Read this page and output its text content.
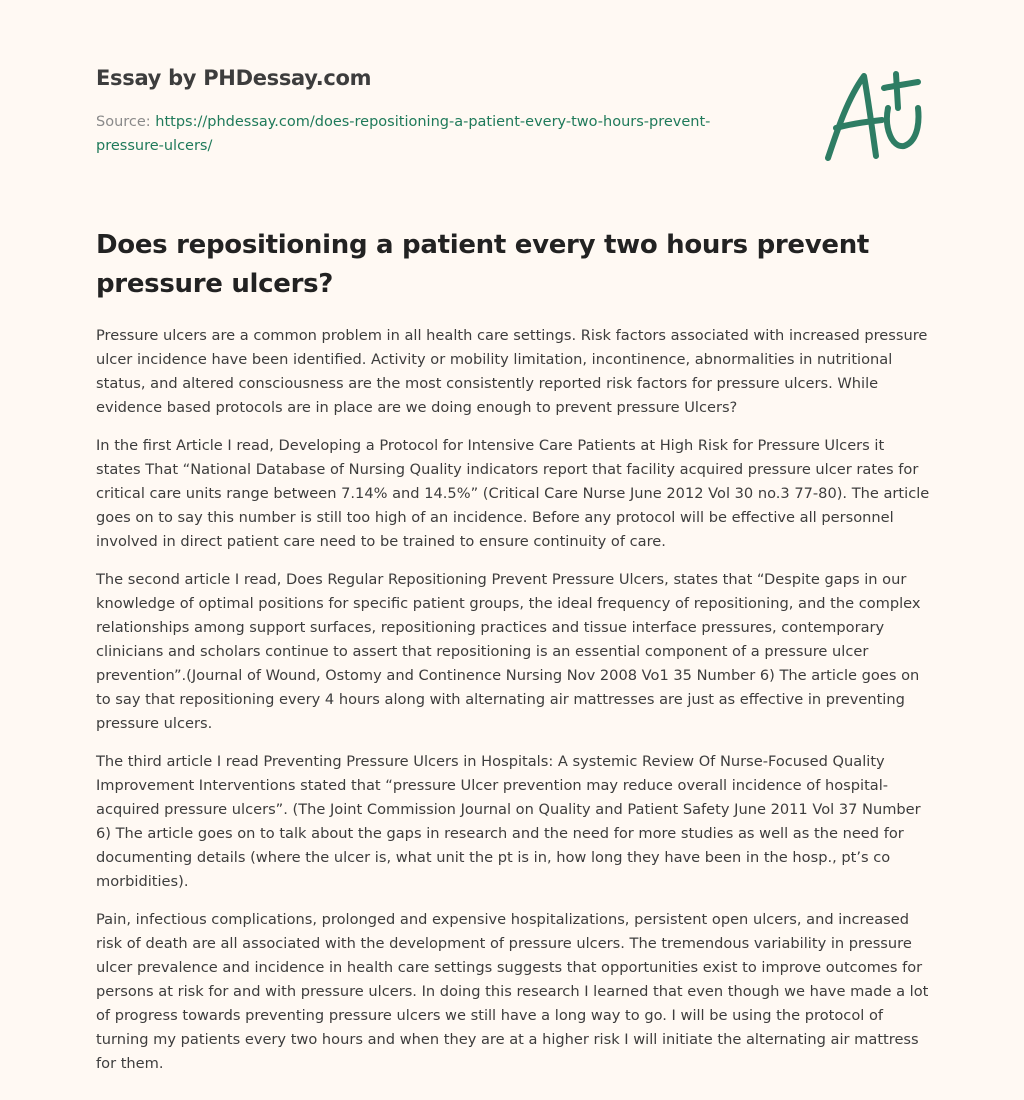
Essay by PHDessay.com
Source: https://phdessay.com/does-repositioning-a-patient-every-two-hours-prevent-pressure-ulcers/
Does repositioning a patient every two hours prevent pressure ulcers?

Pressure ulcers are a common problem in all health care settings. Risk factors associated with increased pressure ulcer incidence have been identified. Activity or mobility limitation, incontinence, abnormalities in nutritional status, and altered consciousness are the most consistently reported risk factors for pressure ulcers. While evidence based protocols are in place are we doing enough to prevent pressure Ulcers?

In the first Article I read, Developing a Protocol for Intensive Care Patients at High Risk for Pressure Ulcers it states That “National Database of Nursing Quality indicators report that facility acquired pressure ulcer rates for critical care units range between 7.14% and 14.5%” (Critical Care Nurse June 2012 Vol 30 no.3 77-80). The article goes on to say this number is still too high of an incidence. Before any protocol will be effective all personnel involved in direct patient care need to be trained to ensure continuity of care.

The second article I read, Does Regular Repositioning Prevent Pressure Ulcers, states that “Despite gaps in our knowledge of optimal positions for specific patient groups, the ideal frequency of repositioning, and the complex relationships among support surfaces, repositioning practices and tissue interface pressures, contemporary clinicians and scholars continue to assert that repositioning is an essential component of a pressure ulcer prevention”.(Journal of Wound, Ostomy and Continence Nursing Nov 2008 Vo1 35 Number 6) The article goes on to say that repositioning every 4 hours along with alternating air mattresses are just as effective in preventing pressure ulcers.

The third article I read Preventing Pressure Ulcers in Hospitals: A systemic Review Of Nurse-Focused Quality Improvement Interventions stated that “pressure Ulcer prevention may reduce overall incidence of hospital-acquired pressure ulcers”. (The Joint Commission Journal on Quality and Patient Safety June 2011 Vol 37 Number 6) The article goes on to talk about the gaps in research and the need for more studies as well as the need for documenting details (where the ulcer is, what unit the pt is in, how long they have been in the hosp., pt’s co morbidities).

Pain, infectious complications, prolonged and expensive hospitalizations, persistent open ulcers, and increased risk of death are all associated with the development of pressure ulcers. The tremendous variability in pressure ulcer prevalence and incidence in health care settings suggests that opportunities exist to improve outcomes for persons at risk for and with pressure ulcers. In doing this research I learned that even though we have made a lot of progress towards preventing pressure ulcers we still have a long way to go. I will be using the protocol of turning my patients every two hours and when they are at a higher risk I will initiate the alternating air mattress for them.
